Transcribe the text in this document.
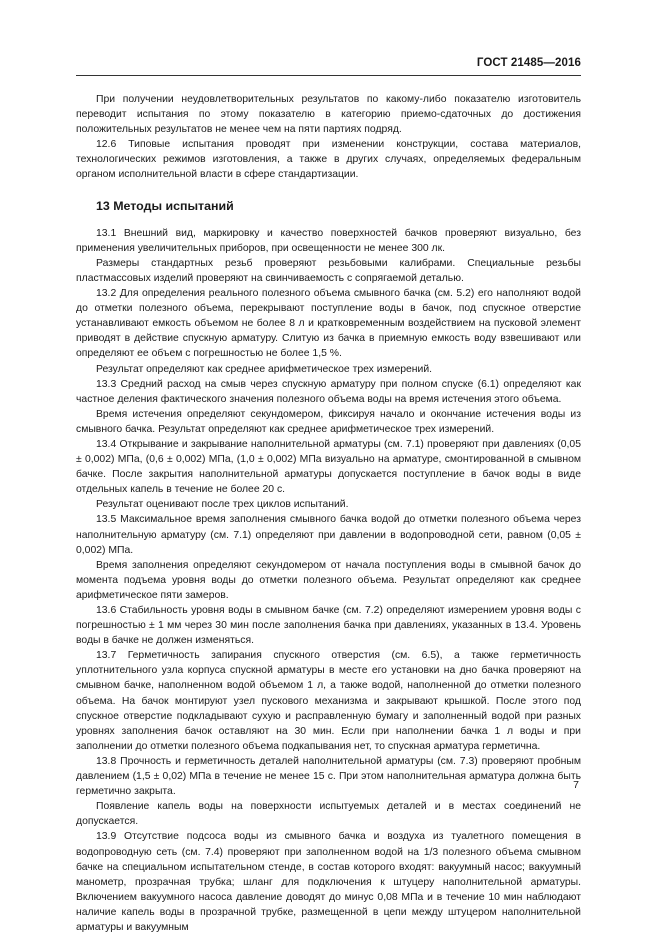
ГОСТ 21485—2016

При получении неудовлетворительных результатов по какому-либо показателю изготовитель переводит испытания по этому показателю в категорию приемо-сдаточных до достижения положительных результатов не менее чем на пяти партиях подряд.

12.6 Типовые испытания проводят при изменении конструкции, состава материалов, технологических режимов изготовления, а также в других случаях, определяемых федеральным органом исполнительной власти в сфере стандартизации.

13 Методы испытаний

13.1 Внешний вид, маркировку и качество поверхностей бачков проверяют визуально, без применения увеличительных приборов, при освещенности не менее 300 лк.

Размеры стандартных резьб проверяют резьбовыми калибрами. Специальные резьбы пластмассовых изделий проверяют на свинчиваемость с сопрягаемой деталью.

13.2 Для определения реального полезного объема смывного бачка (см. 5.2) его наполняют водой до отметки полезного объема, перекрывают поступление воды в бачок, под спускное отверстие устанавливают емкость объемом не более 8 л и кратковременным воздействием на пусковой элемент приводят в действие спускную арматуру. Слитую из бачка в приемную емкость воду взвешивают или определяют ее объем с погрешностью не более 1,5 %.

Результат определяют как среднее арифметическое трех измерений.

13.3 Средний расход на смыв через спускную арматуру при полном спуске (6.1) определяют как частное деления фактического значения полезного объема воды на время истечения этого объема.

Время истечения определяют секундомером, фиксируя начало и окончание истечения воды из смывного бачка. Результат определяют как среднее арифметическое трех измерений.

13.4 Открывание и закрывание наполнительной арматуры (см. 7.1) проверяют при давлениях (0,05 ± 0,002) МПа, (0,6 ± 0,002) МПа, (1,0 ± 0,002) МПа визуально на арматуре, смонтированной в смывном бачке. После закрытия наполнительной арматуры допускается поступление в бачок воды в виде отдельных капель в течение не более 20 с.

Результат оценивают после трех циклов испытаний.

13.5 Максимальное время заполнения смывного бачка водой до отметки полезного объема через наполнительную арматуру (см. 7.1) определяют при давлении в водопроводной сети, равном (0,05 ± 0,002) МПа.

Время заполнения определяют секундомером от начала поступления воды в смывной бачок до момента подъема уровня воды до отметки полезного объема. Результат определяют как среднее арифметическое пяти замеров.

13.6 Стабильность уровня воды в смывном бачке (см. 7.2) определяют измерением уровня воды с погрешностью ± 1 мм через 30 мин после заполнения бачка при давлениях, указанных в 13.4. Уровень воды в бачке не должен изменяться.

13.7 Герметичность запирания спускного отверстия (см. 6.5), а также герметичность уплотнительного узла корпуса спускной арматуры в месте его установки на дно бачка проверяют на смывном бачке, наполненном водой объемом 1 л, а также водой, наполненной до отметки полезного объема. На бачок монтируют узел пускового механизма и закрывают крышкой. После этого под спускное отверстие подкладывают сухую и расправленную бумагу и заполненный водой при разных уровнях заполнения бачок оставляют на 30 мин. Если при наполнении бачка 1 л воды и при заполнении до отметки полезного объема подкапывания нет, то спускная арматура герметична.

13.8 Прочность и герметичность деталей наполнительной арматуры (см. 7.3) проверяют пробным давлением (1,5 ± 0,02) МПа в течение не менее 15 с. При этом наполнительная арматура должна быть герметично закрыта.

Появление капель воды на поверхности испытуемых деталей и в местах соединений не допускается.

13.9 Отсутствие подсоса воды из смывного бачка и воздуха из туалетного помещения в водопроводную сеть (см. 7.4) проверяют при заполненном водой на 1/3 полезного объема смывном бачке на специальном испытательном стенде, в состав которого входят: вакуумный насос; вакуумный манометр, прозрачная трубка; шланг для подключения к штуцеру наполнительной арматуры. Включением вакуумного насоса давление доводят до минус 0,08 МПа и в течение 10 мин наблюдают наличие капель воды в прозрачной трубке, размещенной в цепи между штуцером наполнительной арматуры и вакуумным

7
